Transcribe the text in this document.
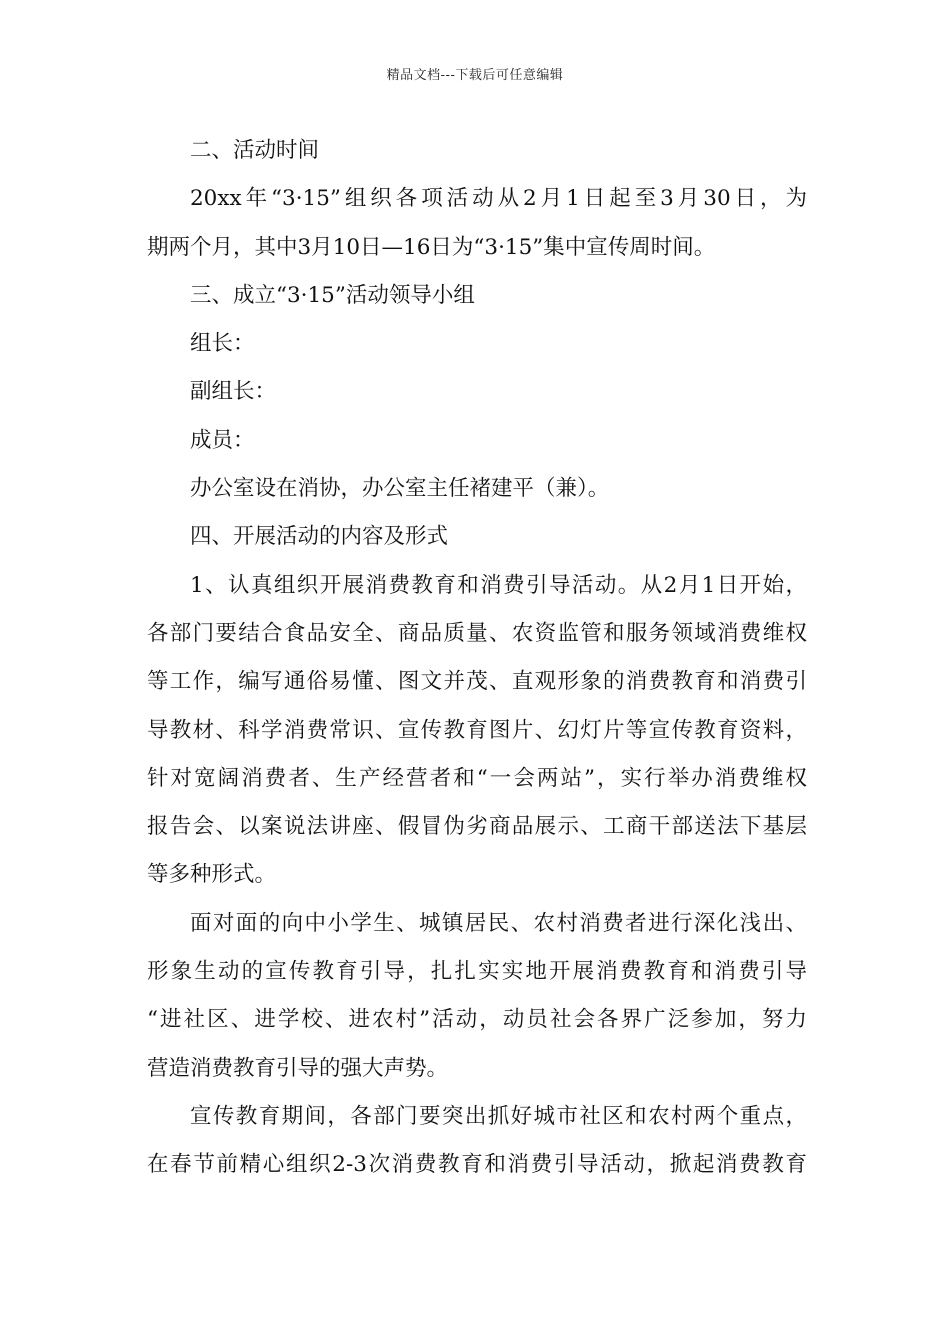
精品文档---下载后可任意编辑
二、活动时间
20xx年“3·15”组织各项活动从2月1日起至3月30日，为
期两个月，其中3月10日—16日为“3·15”集中宣传周时间。
三、成立“3·15”活动领导小组
组长：
副组长：
成员：
办公室设在消协，办公室主任褚建平（兼）。
四、开展活动的内容及形式
1、认真组织开展消费教育和消费引导活动。从2月1日开始，
各部门要结合食品安全、商品质量、农资监管和服务领域消费维权
等工作，编写通俗易懂、图文并茂、直观形象的消费教育和消费引
导教材、科学消费常识、宣传教育图片、幻灯片等宣传教育资料，
针对宽阔消费者、生产经营者和“一会两站”，实行举办消费维权
报告会、以案说法讲座、假冒伪劣商品展示、工商干部送法下基层
等多种形式。
面对面的向中小学生、城镇居民、农村消费者进行深化浅出、
形象生动的宣传教育引导，扎扎实实地开展消费教育和消费引导
“进社区、进学校、进农村”活动，动员社会各界广泛参加，努力
营造消费教育引导的强大声势。
宣传教育期间，各部门要突出抓好城市社区和农村两个重点，
在春节前精心组织2-3次消费教育和消费引导活动，掀起消费教育
